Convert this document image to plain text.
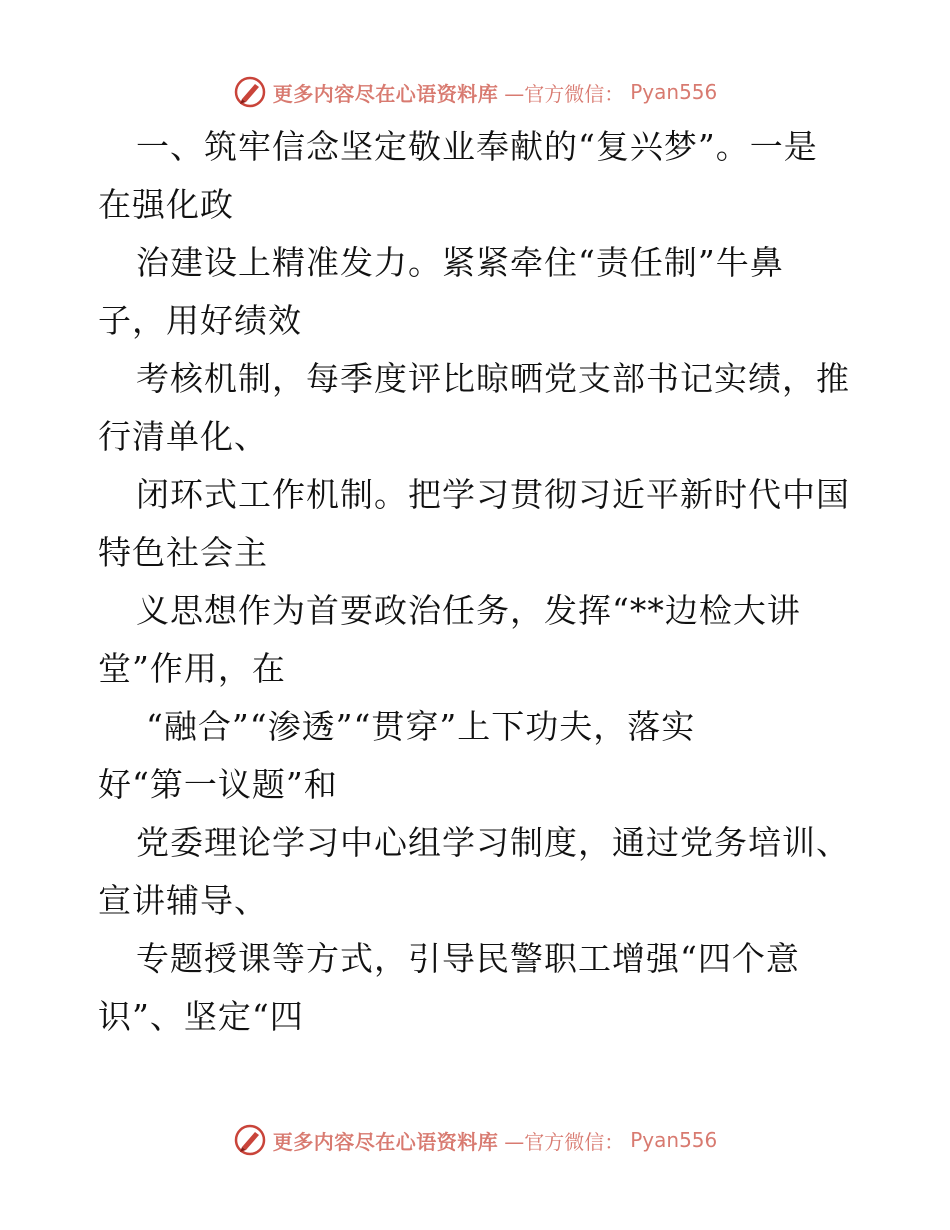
更多内容尽在心语资料库 —官方微信： Pyan556
一、筑牢信念坚定敬业奉献的“复兴梦”。一是
在强化政
治建设上精准发力。紧紧牵住“责任制”牛鼻
子，用好绩效
考核机制，每季度评比晾晒党支部书记实绩，推
行清单化、
闭环式工作机制。把学习贯彻习近平新时代中国
特色社会主
义思想作为首要政治任务，发挥“**边检大讲
堂”作用，在
“融合”“渗透”“贯穿”上下功夫，落实
好“第一议题”和
党委理论学习中心组学习制度，通过党务培训、
宣讲辅导、
专题授课等方式，引导民警职工增强“四个意
识”、坚定“四
更多内容尽在心语资料库 —官方微信： Pyan556
